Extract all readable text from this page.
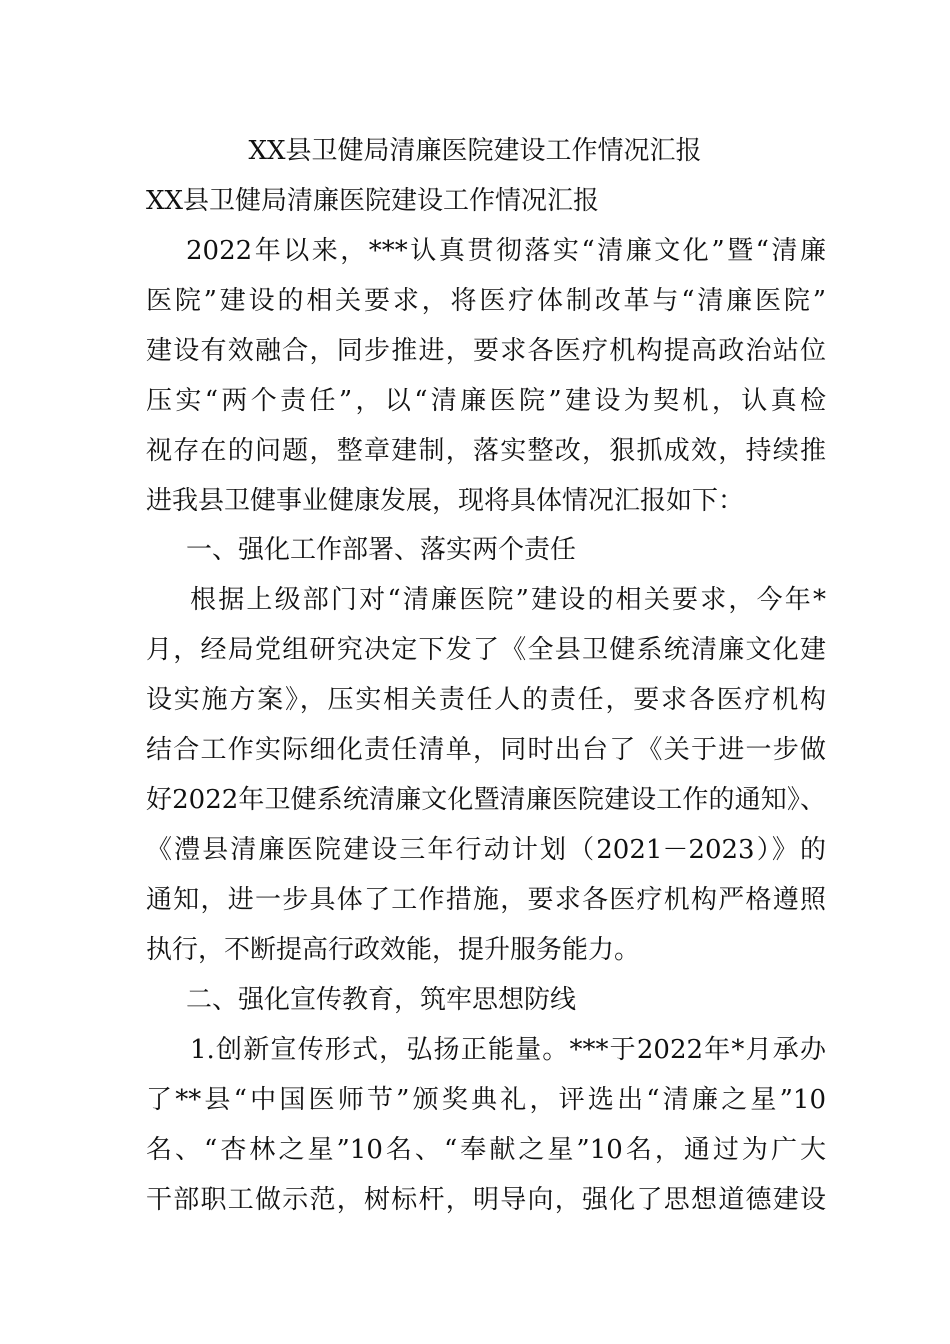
XX县卫健局清廉医院建设工作情况汇报
XX县卫健局清廉医院建设工作情况汇报
2022年以来，***认真贯彻落实“清廉文化”暨“清廉
医院”建设的相关要求，将医疗体制改革与“清廉医院”
建设有效融合，同步推进，要求各医疗机构提高政治站位
压实“两个责任”，以“清廉医院”建设为契机，认真检
视存在的问题，整章建制，落实整改，狠抓成效，持续推
进我县卫健事业健康发展，现将具体情况汇报如下：
一、强化工作部署、落实两个责任
根据上级部门对“清廉医院”建设的相关要求，今年*
月，经局党组研究决定下发了《全县卫健系统清廉文化建
设实施方案》，压实相关责任人的责任，要求各医疗机构
结合工作实际细化责任清单，同时出台了《关于进一步做
好2022年卫健系统清廉文化暨清廉医院建设工作的通知》、
《澧县清廉医院建设三年行动计划（2021－2023）》的
通知，进一步具体了工作措施，要求各医疗机构严格遵照
执行，不断提高行政效能，提升服务能力。
二、强化宣传教育，筑牢思想防线
1.创新宣传形式，弘扬正能量。***于2022年*月承办
了**县“中国医师节”颁奖典礼，评选出“清廉之星”10
名、“杏林之星”10名、“奉献之星”10名，通过为广大
干部职工做示范，树标杆，明导向，强化了思想道德建设
